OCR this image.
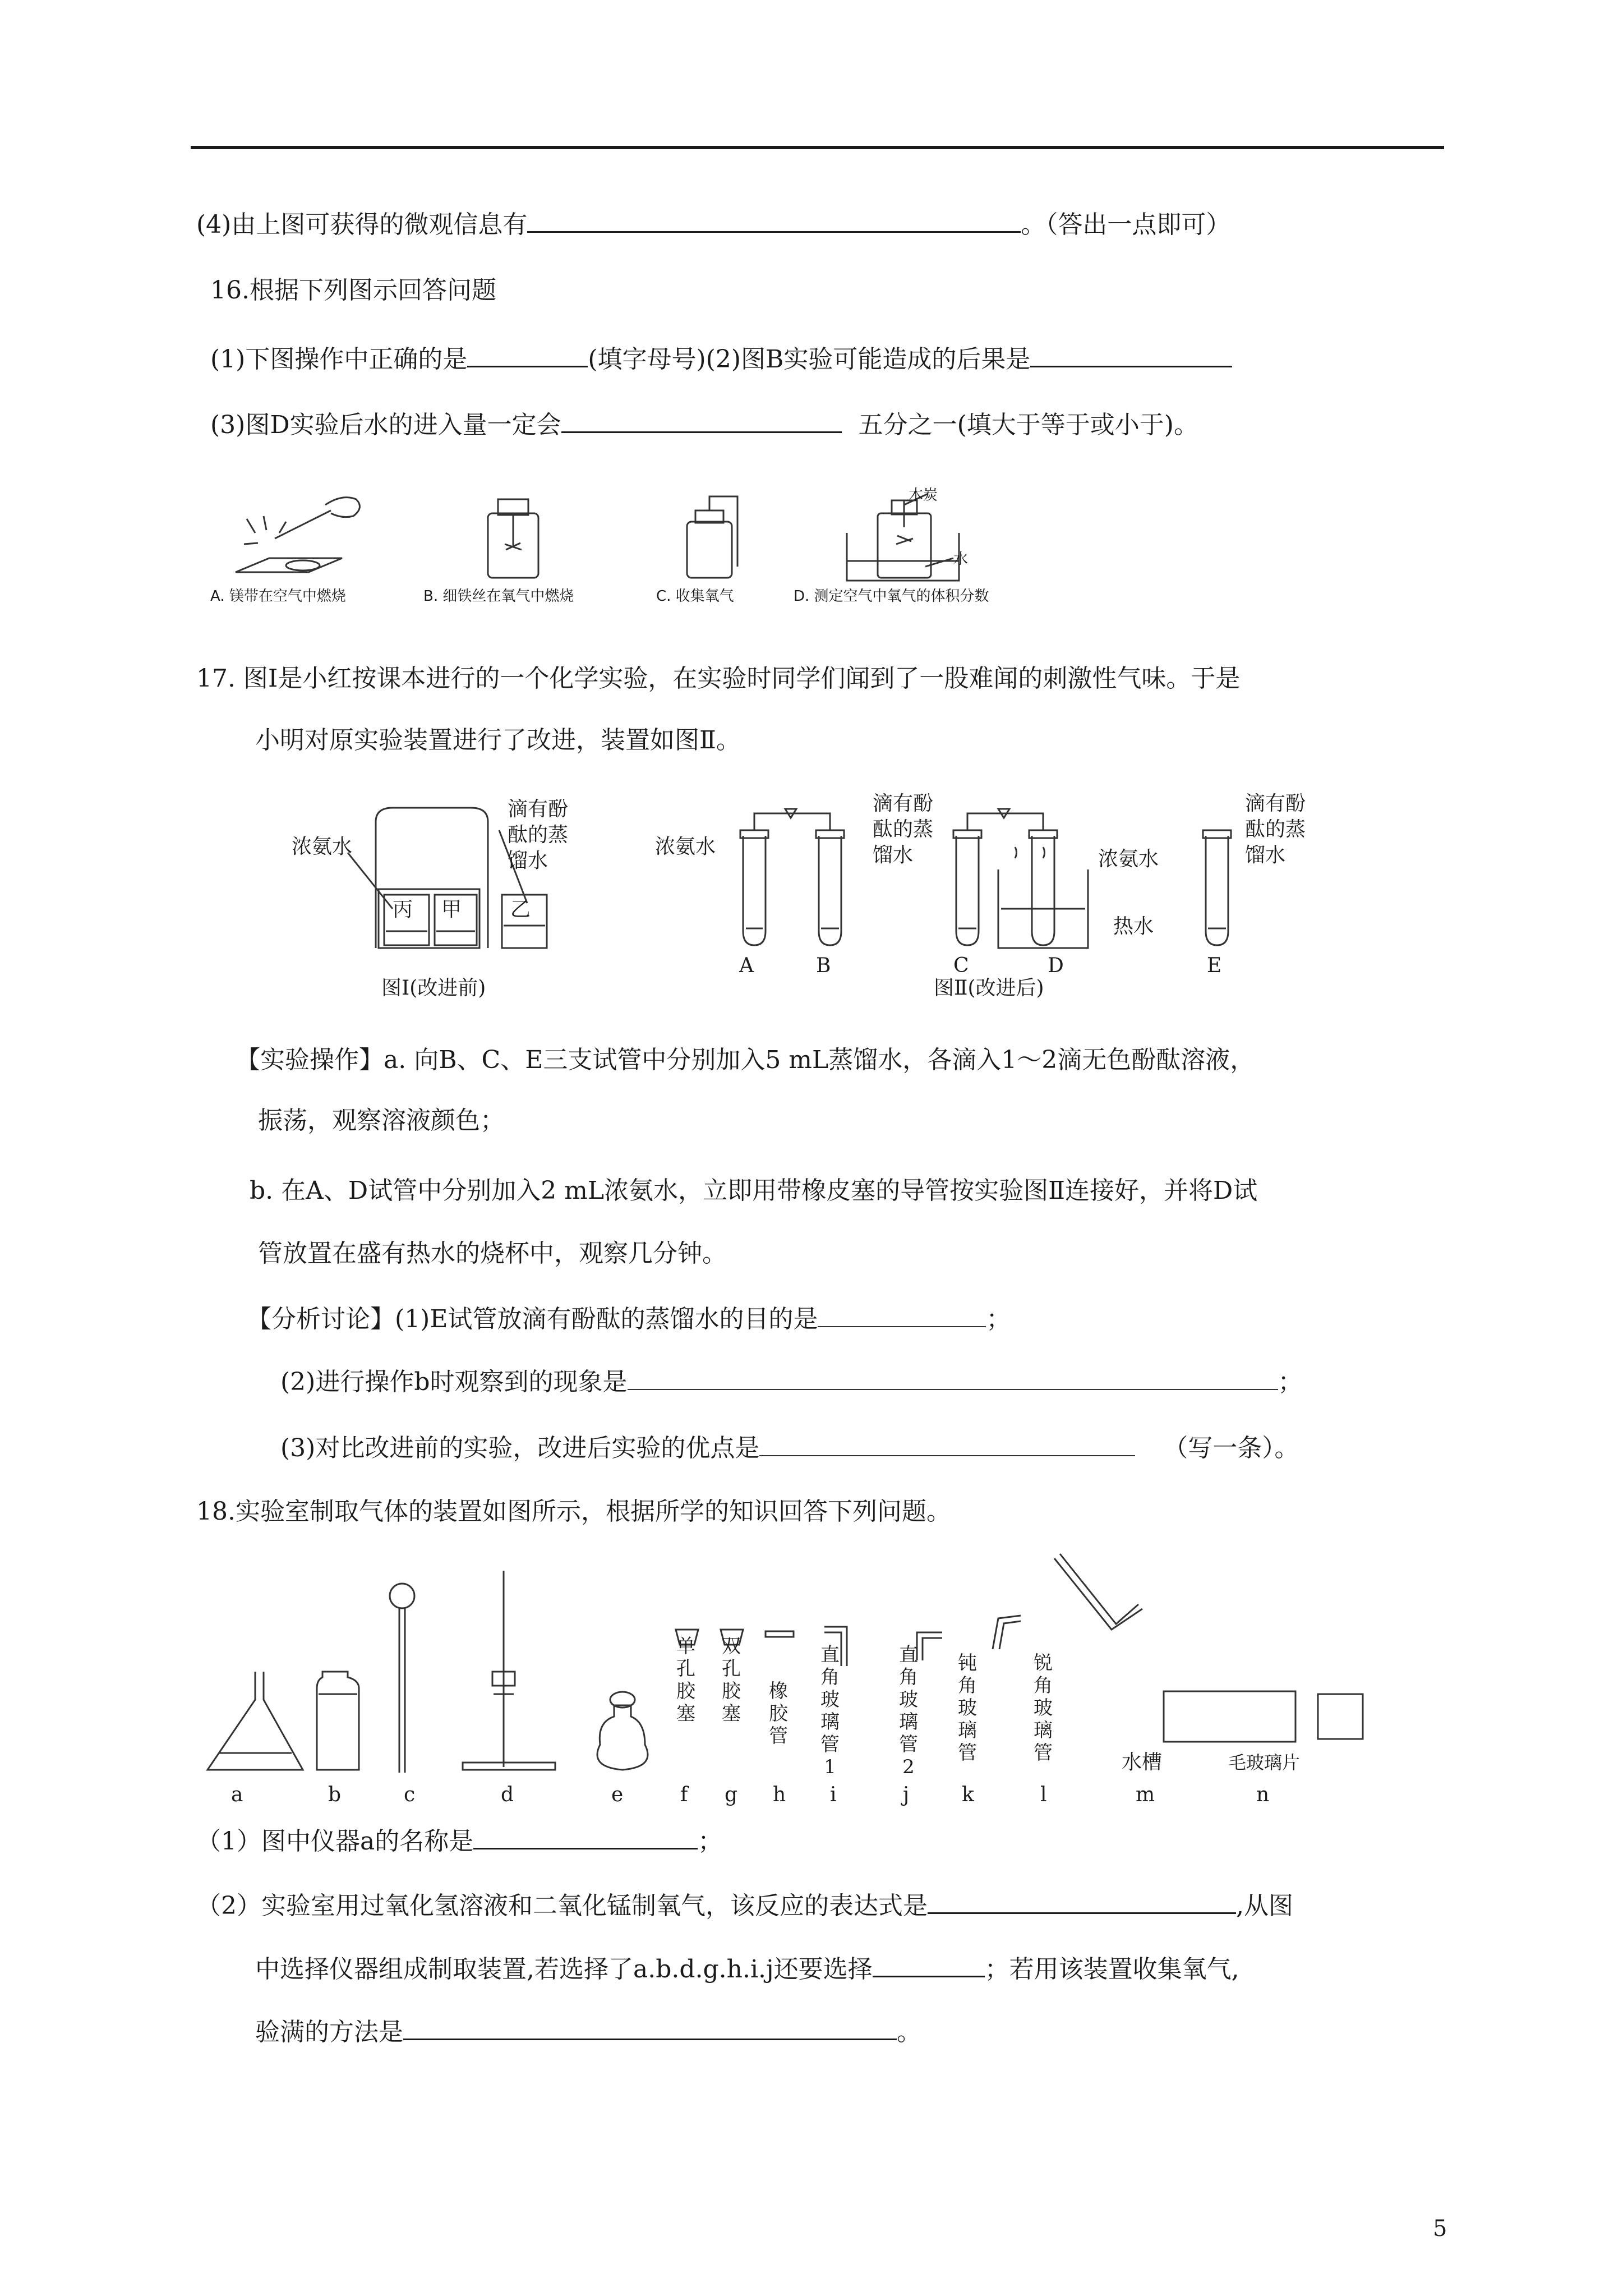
(4)由上图可获得的微观信息有	。（答出一点即可）
16.根据下列图示回答问题
(1)下图操作中正确的是	(填字母号)(2)图B实验可能造成的后果是
(3)图D实验后水的进入量一定会	五分之一(填大于等于或小于)。
木炭
水
A. 镁带在空气中燃烧	B. 细铁丝在氧气中燃烧	C. 收集氧气	D. 测定空气中氧气的体积分数
17. 图Ⅰ是小红按课本进行的一个化学实验，在实验时同学们闻到了一股难闻的刺激性气味。于是
小明对原实验装置进行了改进，装置如图Ⅱ。
浓氨水
滴有酚
酞的蒸
馏水
丙 甲 乙
图Ⅰ(改进前)
浓氨水
滴有酚
酞的蒸
馏水	浓氨水
热水
滴有酚
酞的蒸
馏水
A	B	C	D	E
图Ⅱ(改进后)
【实验操作】a. 向B、C、E三支试管中分别加入5 mL蒸馏水，各滴入1～2滴无色酚酞溶液，
振荡，观察溶液颜色；
b. 在A、D试管中分别加入2 mL浓氨水，立即用带橡皮塞的导管按实验图Ⅱ连接好，并将D试
管放置在盛有热水的烧杯中，观察几分钟。
【分析讨论】(1)E试管放滴有酚酞的蒸馏水的目的是	；
(2)进行操作b时观察到的现象是	；
(3)对比改进前的实验，改进后实验的优点是	（写一条）。
18.实验室制取气体的装置如图所示，根据所学的知识回答下列问题。
单孔胶塞
双孔胶塞
橡胶管
直角玻璃管1
直角玻璃管2
钝角玻璃管
锐角玻璃管	水槽	毛玻璃片
a	b	c	d	e	f g h i	j	k	l	m	n
（1）图中仪器a的名称是	；
（2）实验室用过氧化氢溶液和二氧化锰制氧气，该反应的表达式是	,从图
中选择仪器组成制取装置,若选择了a.b.d.g.h.i.j还要选择	；若用该装置收集氧气,
验满的方法是	。
5
